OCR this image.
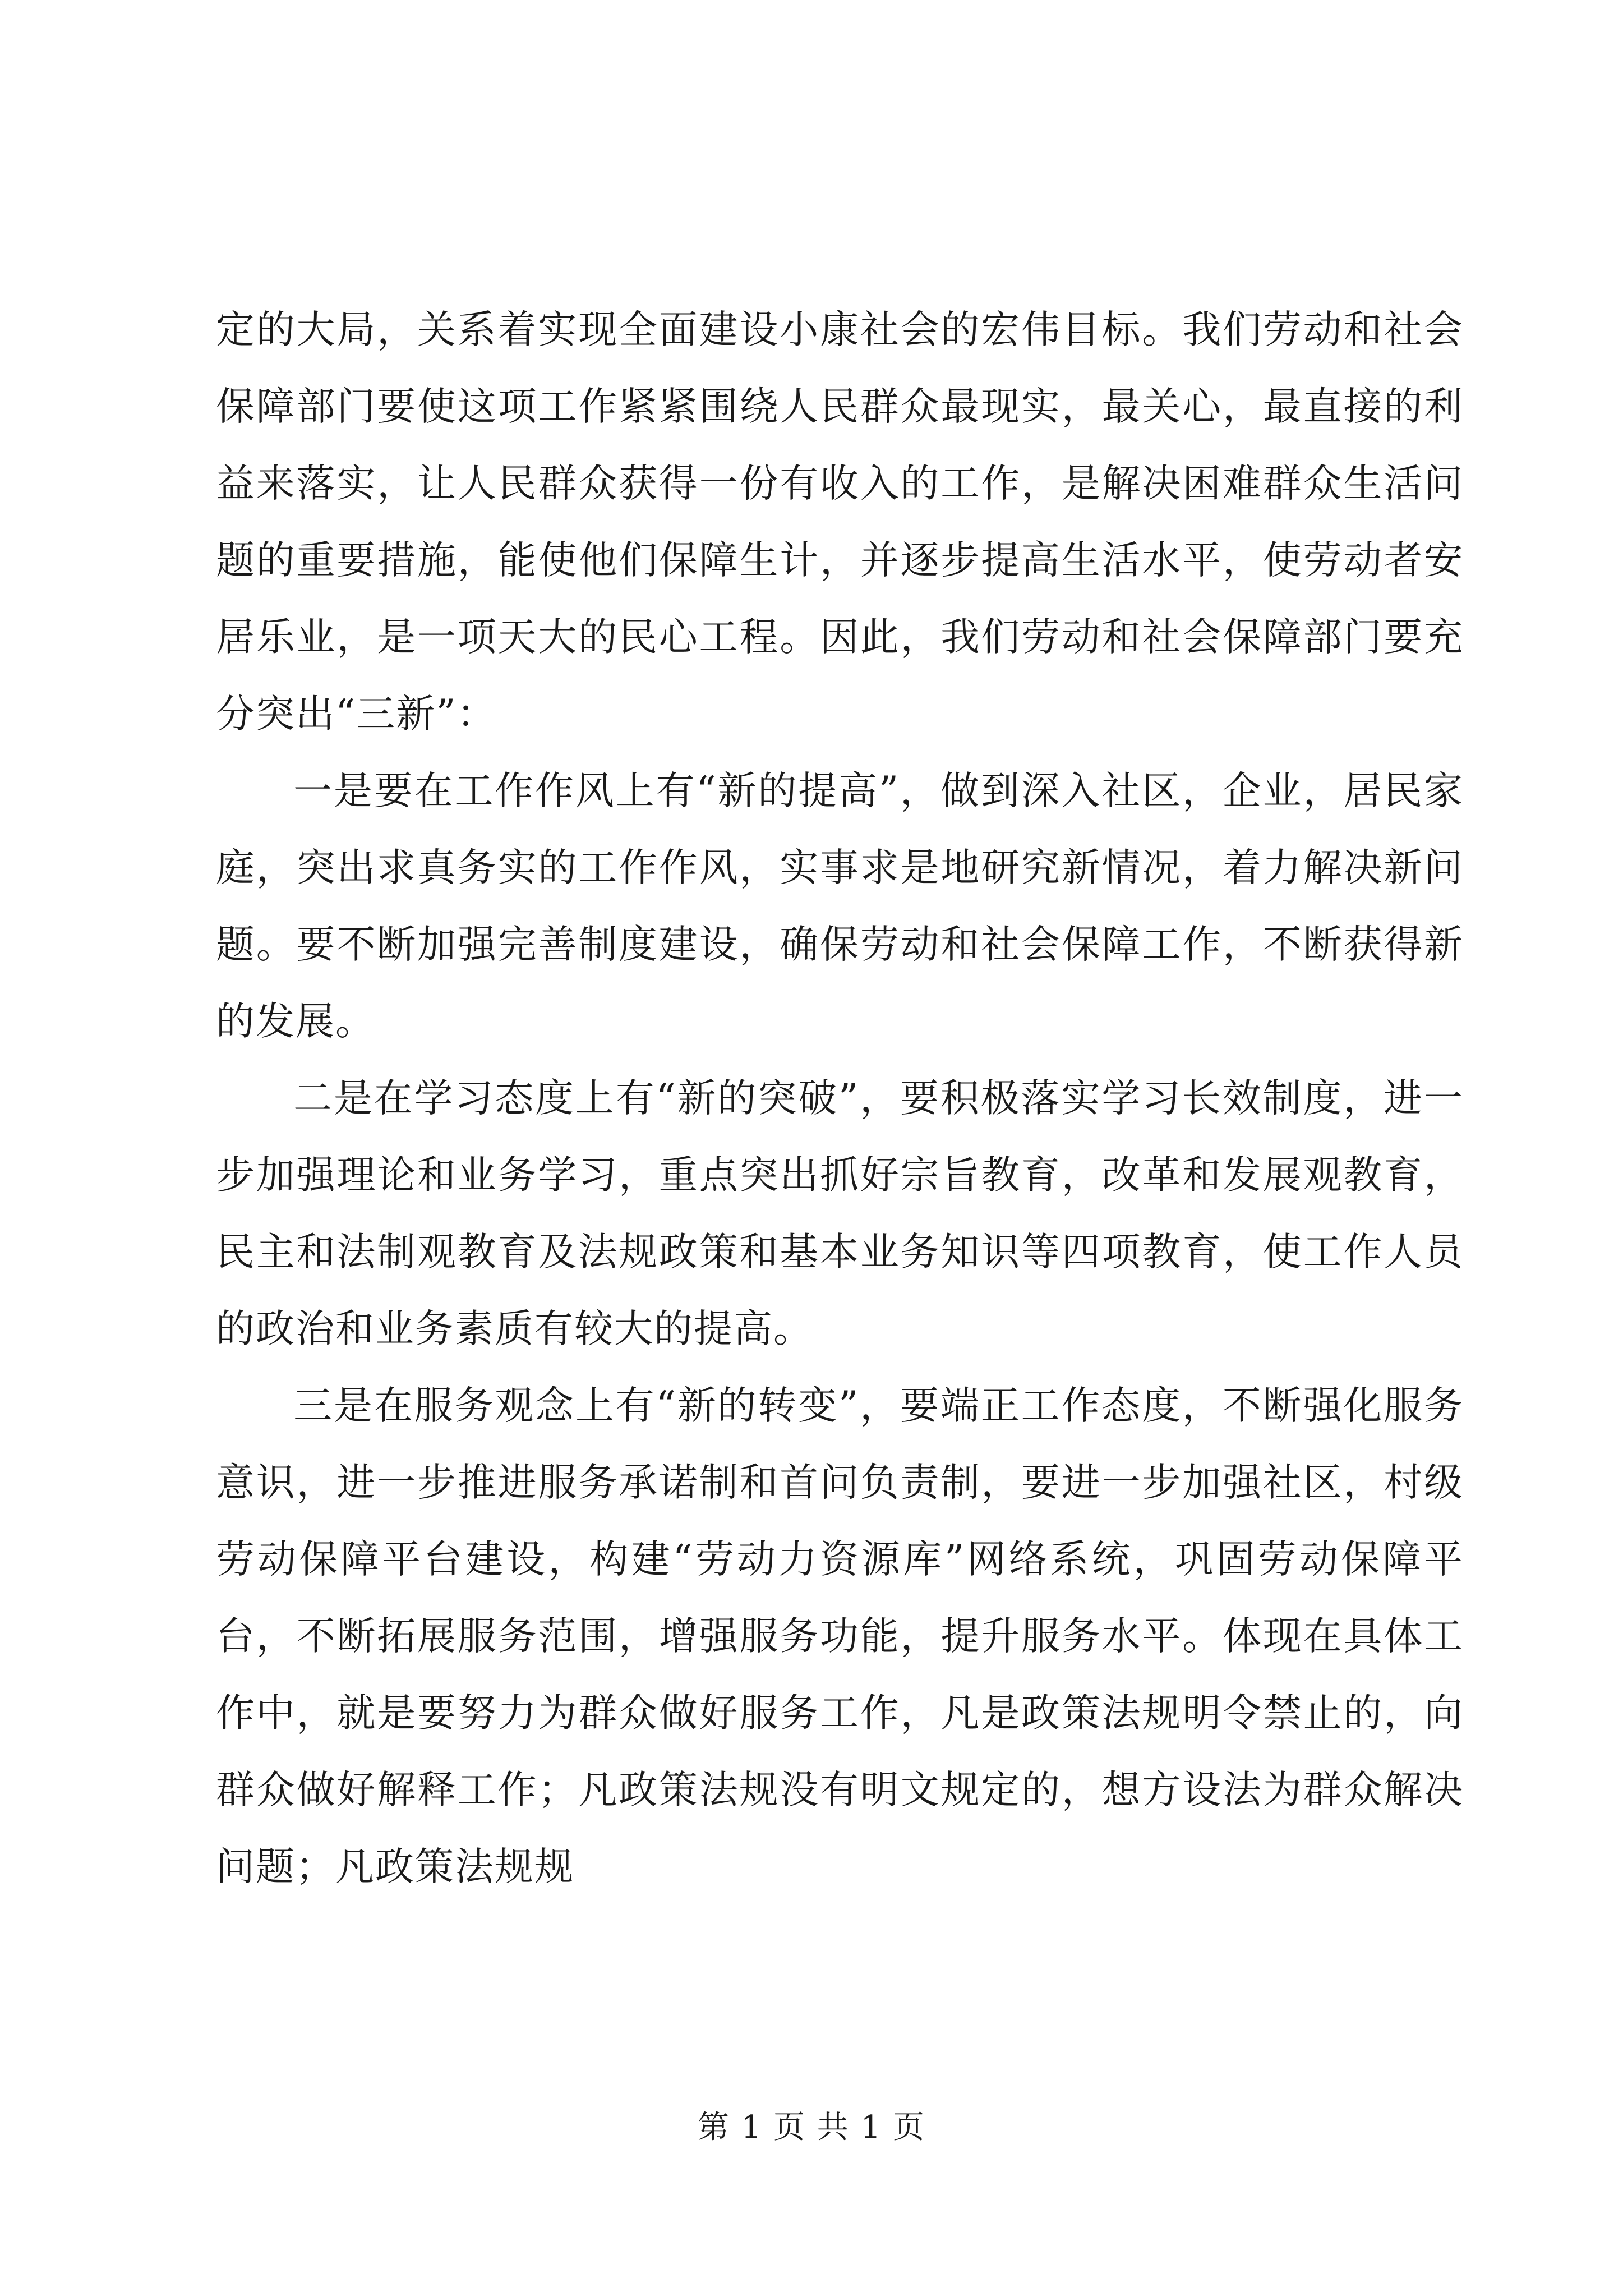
定的大局，关系着实现全面建设小康社会的宏伟目标。我们劳动和社会保障部门要使这项工作紧紧围绕人民群众最现实，最关心，最直接的利益来落实，让人民群众获得一份有收入的工作，是解决困难群众生活问题的重要措施，能使他们保障生计，并逐步提高生活水平，使劳动者安居乐业，是一项天大的民心工程。因此，我们劳动和社会保障部门要充分突出“三新”：

一是要在工作作风上有“新的提高”，做到深入社区，企业，居民家庭，突出求真务实的工作作风，实事求是地研究新情况，着力解决新问题。要不断加强完善制度建设，确保劳动和社会保障工作，不断获得新的发展。

二是在学习态度上有“新的突破”，要积极落实学习长效制度，进一步加强理论和业务学习，重点突出抓好宗旨教育，改革和发展观教育，民主和法制观教育及法规政策和基本业务知识等四项教育，使工作人员的政治和业务素质有较大的提高。

三是在服务观念上有“新的转变”，要端正工作态度，不断强化服务意识，进一步推进服务承诺制和首问负责制，要进一步加强社区，村级劳动保障平台建设，构建“劳动力资源库”网络系统，巩固劳动保障平台，不断拓展服务范围，增强服务功能，提升服务水平。体现在具体工作中，就是要努力为群众做好服务工作，凡是政策法规明令禁止的，向群众做好解释工作；凡政策法规没有明文规定的，想方设法为群众解决问题；凡政策法规规

第 1 页 共 1 页
